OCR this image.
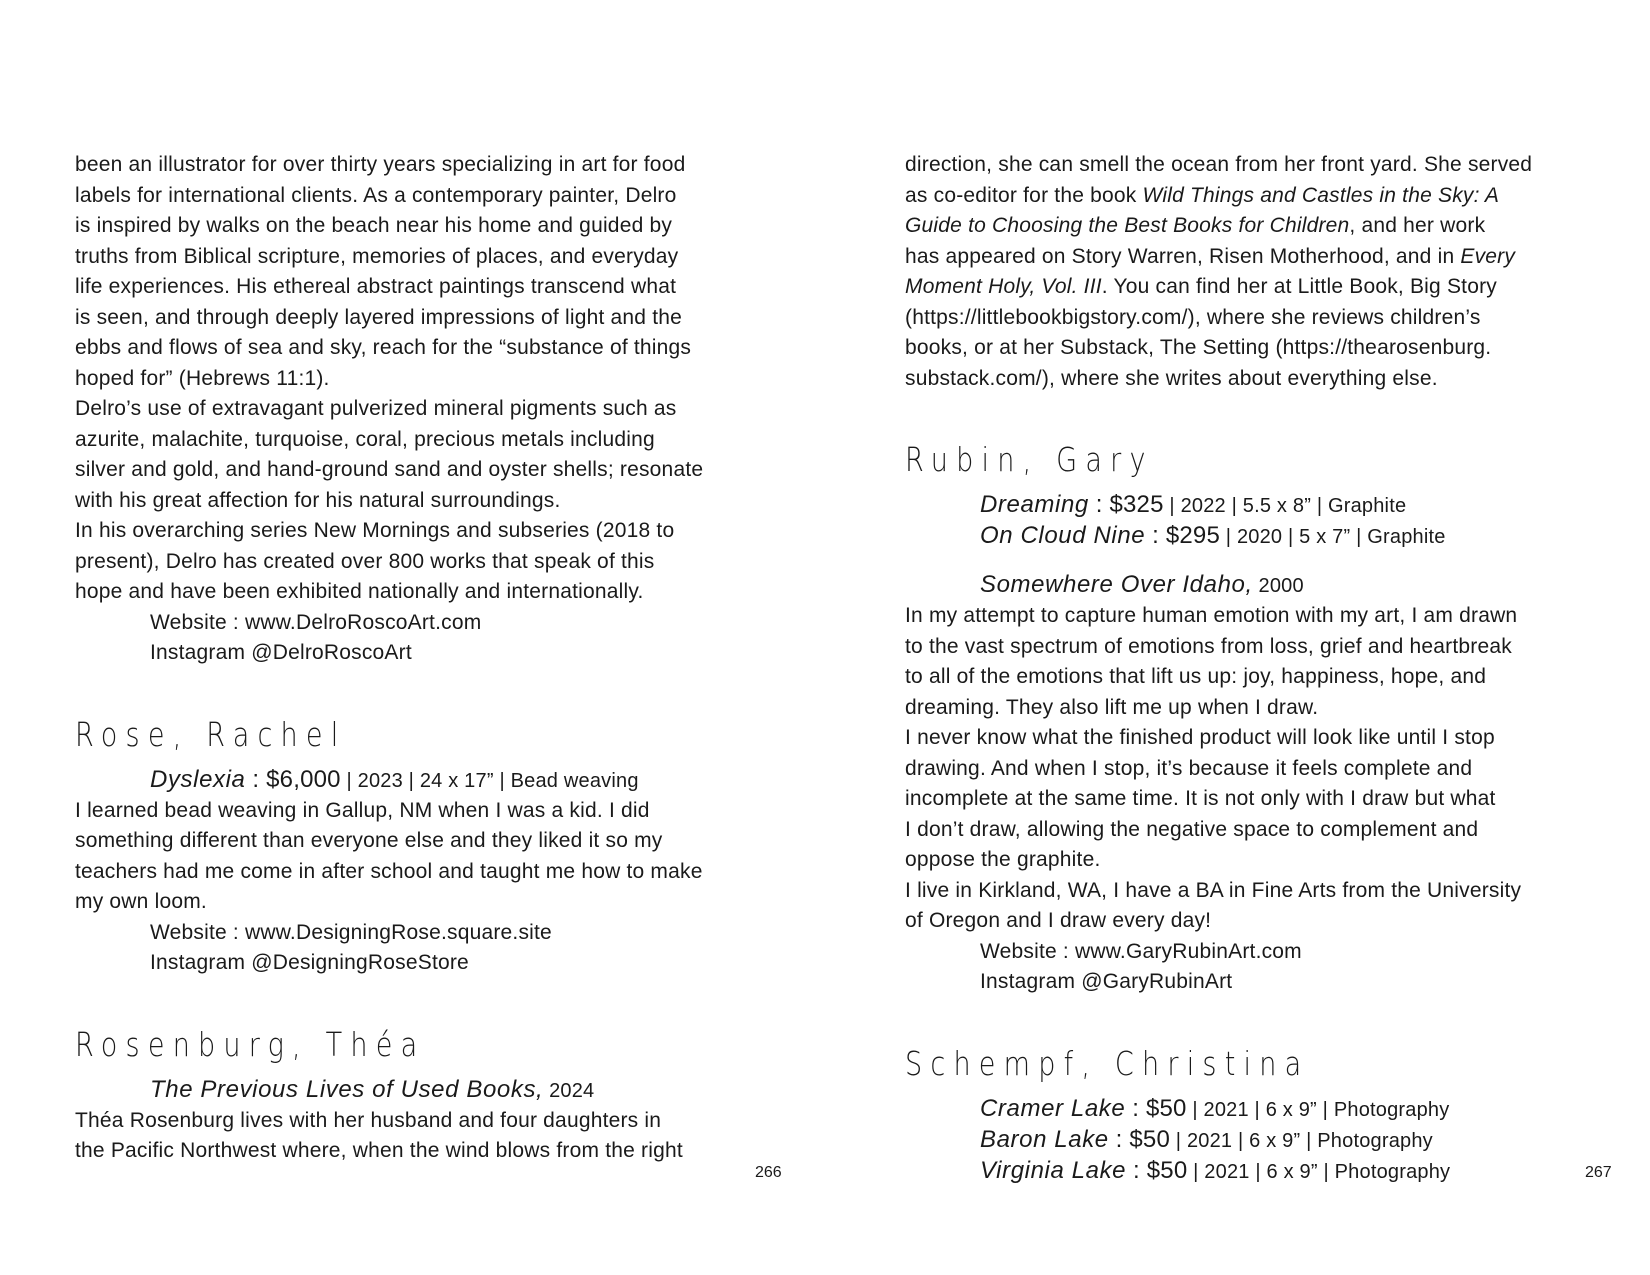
been an illustrator for over thirty years specializing in art for food
labels for international clients. As a contemporary painter, Delro
is inspired by walks on the beach near his home and guided by
truths from Biblical scripture, memories of places, and everyday
life experiences. His ethereal abstract paintings transcend what
is seen, and through deeply layered impressions of light and the
ebbs and flows of sea and sky, reach for the “substance of things
hoped for” (Hebrews 11:1).
Delro’s use of extravagant pulverized mineral pigments such as
azurite, malachite, turquoise, coral, precious metals including
silver and gold, and hand-ground sand and oyster shells; resonate
with his great affection for his natural surroundings.
In his overarching series New Mornings and subseries (2018 to
present), Delro has created over 800 works that speak of this
hope and have been exhibited nationally and internationally.
Website : www.DelroRoscoArt.com
Instagram @DelroRoscoArt
Rose, Rachel
Dyslexia : $6,000 | 2023 | 24 x 17” | Bead weaving
I learned bead weaving in Gallup, NM when I was a kid. I did
something different than everyone else and they liked it so my
teachers had me come in after school and taught me how to make
my own loom.
Website : www.DesigningRose.square.site
Instagram @DesigningRoseStore
Rosenburg, Théa
The Previous Lives of Used Books, 2024
Théa Rosenburg lives with her husband and four daughters in
the Pacific Northwest where, when the wind blows from the right
266
direction, she can smell the ocean from her front yard. She served
as co-editor for the book Wild Things and Castles in the Sky: A
Guide to Choosing the Best Books for Children, and her work
has appeared on Story Warren, Risen Motherhood, and in Every
Moment Holy, Vol. III. You can find her at Little Book, Big Story
(https://littlebookbigstory.com/), where she reviews children’s
books, or at her Substack, The Setting (https://thearosenburg.
substack.com/), where she writes about everything else.
Rubin, Gary
Dreaming : $325 | 2022 | 5.5 x 8” | Graphite
On Cloud Nine : $295 | 2020 | 5 x 7” | Graphite
Somewhere Over Idaho, 2000
In my attempt to capture human emotion with my art, I am drawn
to the vast spectrum of emotions from loss, grief and heartbreak
to all of the emotions that lift us up: joy, happiness, hope, and
dreaming. They also lift me up when I draw.
I never know what the finished product will look like until I stop
drawing. And when I stop, it’s because it feels complete and
incomplete at the same time. It is not only with I draw but what
I don’t draw, allowing the negative space to complement and
oppose the graphite.
I live in Kirkland, WA, I have a BA in Fine Arts from the University
of Oregon and I draw every day!
Website : www.GaryRubinArt.com
Instagram @GaryRubinArt
Schempf, Christina
Cramer Lake : $50 | 2021 | 6 x 9” | Photography
Baron Lake : $50 | 2021 | 6 x 9” | Photography
Virginia Lake : $50 | 2021 | 6 x 9” | Photography	267
